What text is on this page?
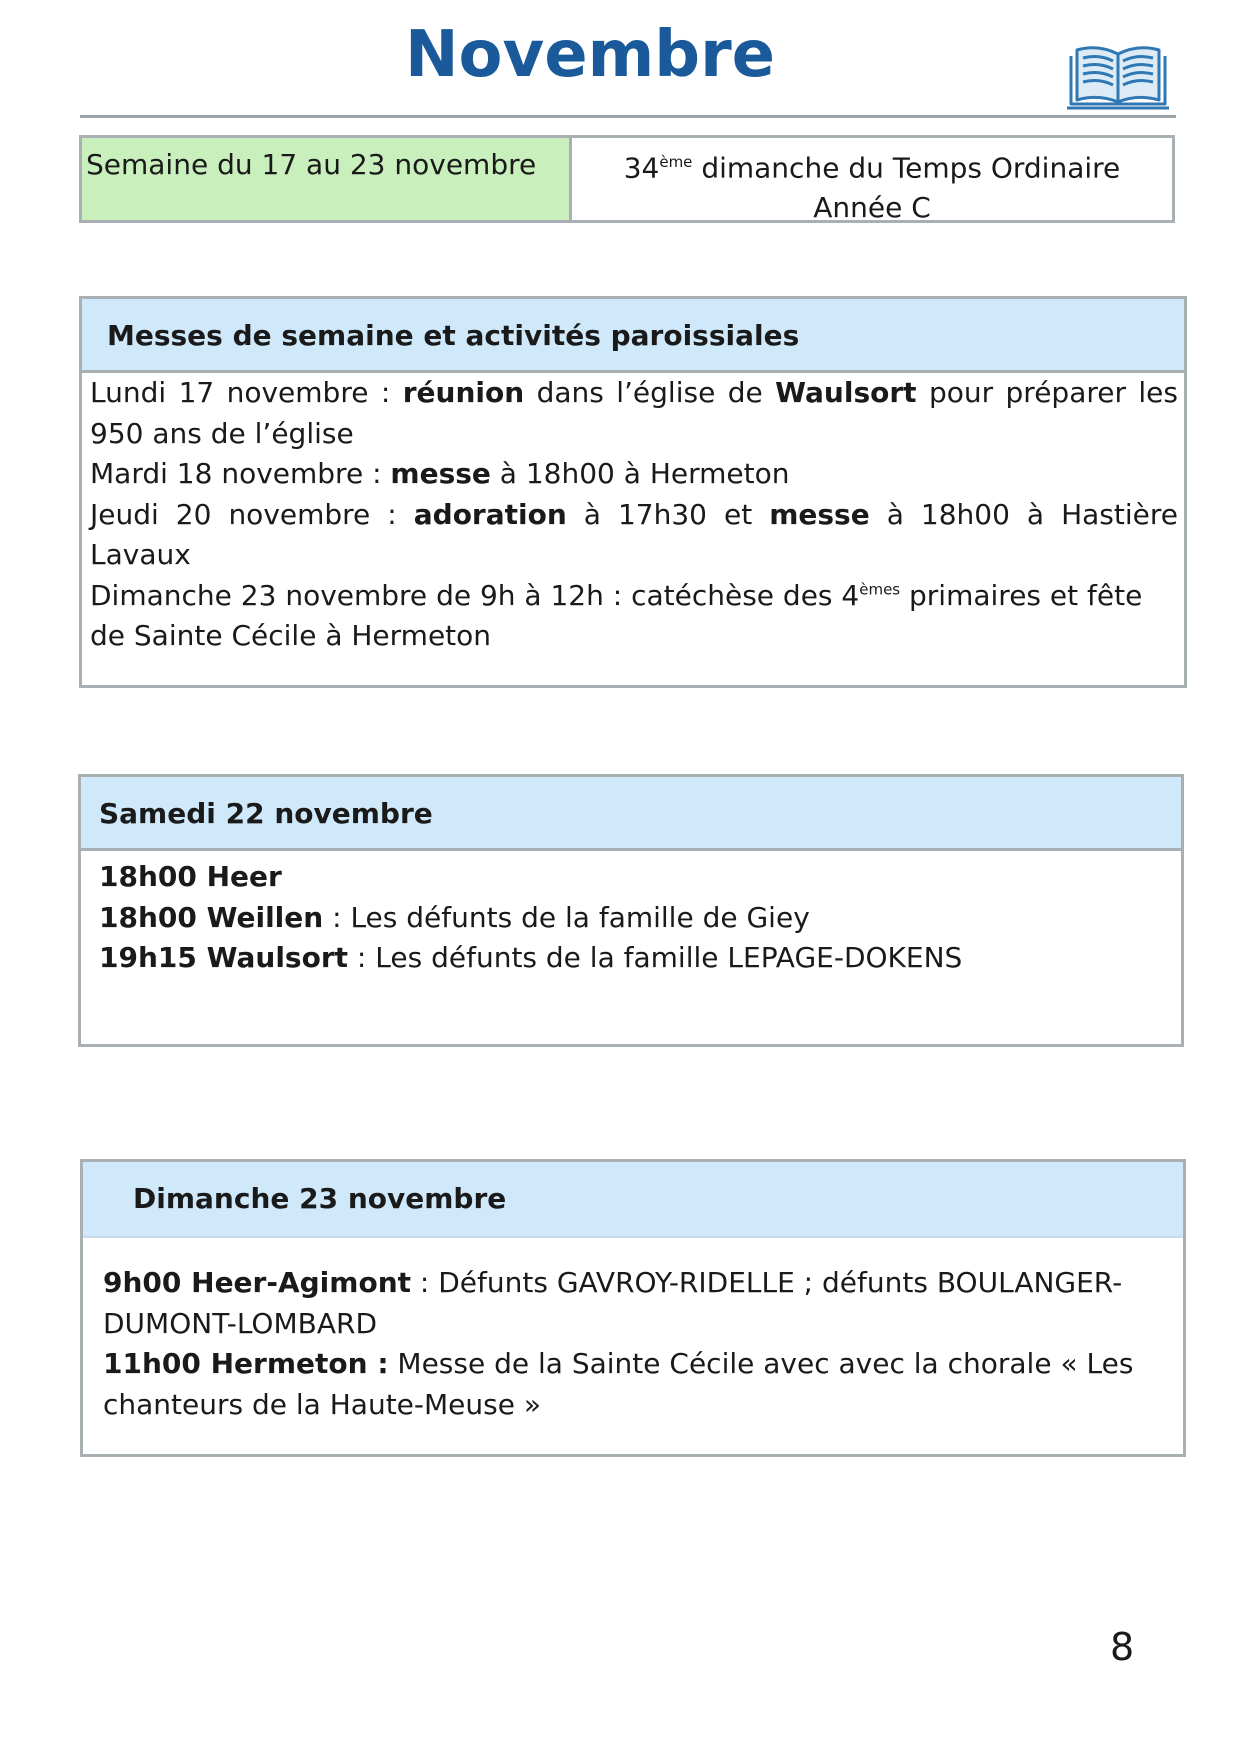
Novembre
Semaine du 17 au 23 novembre	34ème dimanche du Temps Ordinaire
Année C
Messes de semaine et activités paroissiales

Lundi 17 novembre : réunion dans l’église de Waulsort pour préparer les 950 ans de l’église

Mardi 18 novembre : messe à 18h00 à Hermeton

Jeudi 20 novembre : adoration à 17h30 et messe à 18h00 à Hastière Lavaux

Dimanche 23 novembre de 9h à 12h : catéchèse des 4èmes primaires et fête de Sainte Cécile à Hermeton

Samedi 22 novembre

18h00 Heer

18h00 Weillen : Les défunts de la famille de Giey

19h15 Waulsort : Les défunts de la famille LEPAGE-DOKENS

Dimanche 23 novembre

9h00 Heer-Agimont : Défunts GAVROY-RIDELLE ; défunts BOULANGER-DUMONT-LOMBARD

11h00 Hermeton : Messe de la Sainte Cécile avec avec la chorale « Les chanteurs de la Haute-Meuse »

8
